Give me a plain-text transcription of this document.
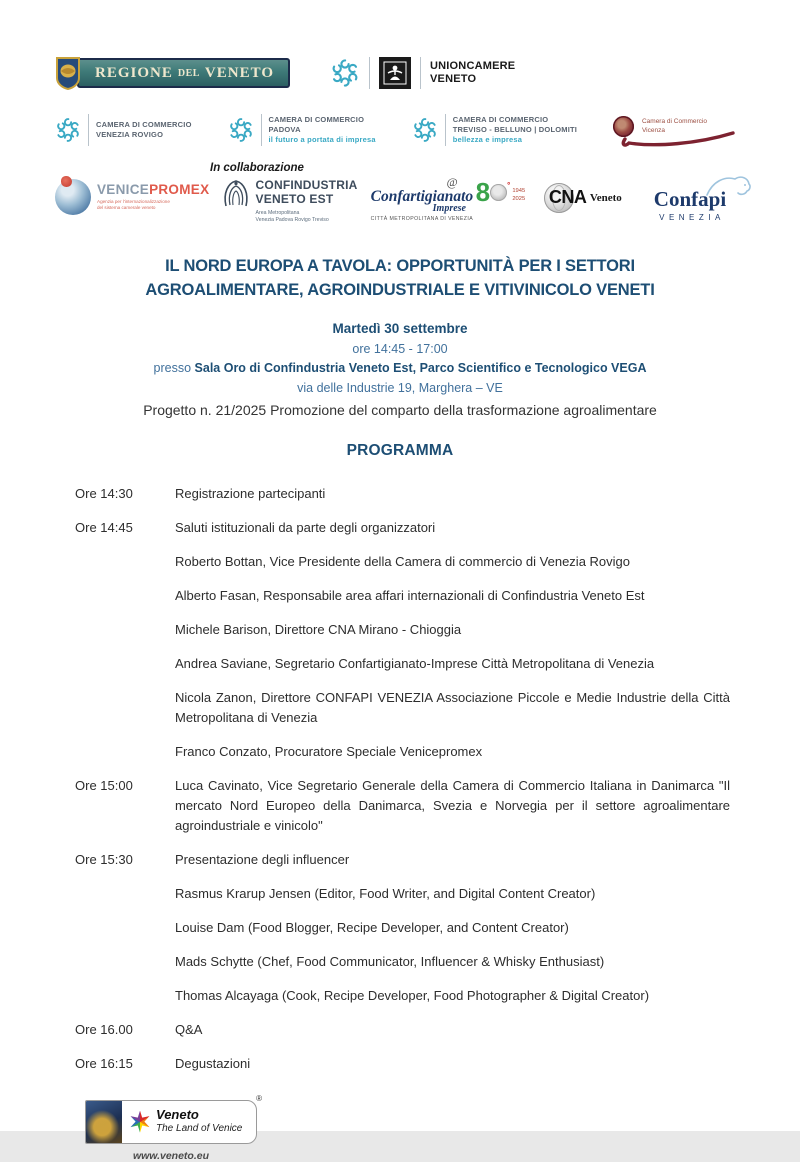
REGIONE DEL VENETO	UNIONCAMERE
VENETO
CAMERA DI COMMERCIO
VENEZIA ROVIGO
CAMERA DI COMMERCIO
PADOVA
il futuro a portata di impresa
CAMERA DI COMMERCIO
TREVISO - BELLUNO | DOLOMITI
bellezza e impresa
Camera di Commercio
Vicenza
In collaborazione
VENICEPROMEX
Agenzia per l'internazionalizzazione
del sistema camerale veneto
CONFINDUSTRIA
VENETO EST
Area Metropolitana
Venezia Padova Rovigo Treviso
@
Confartigianato
Imprese
CITTÀ METROPOLITANA DI VENEZIA
8 °
1945
2025 CNA Veneto	Confapi
VENEZIA
IL NORD EUROPA A TAVOLA: OPPORTUNITÀ PER I SETTORI
AGROALIMENTARE, AGROINDUSTRIALE E VITIVINICOLO VENETI
Martedì 30 settembre
ore 14:45 - 17:00
presso Sala Oro di Confindustria Veneto Est, Parco Scientifico e Tecnologico VEGA
via delle Industrie 19, Marghera – VE
Progetto n. 21/2025 Promozione del comparto della trasformazione agroalimentare
PROGRAMMA
Ore 14:30	Registrazione partecipanti
Ore 14:45	Saluti istituzionali da parte degli organizzatori
Roberto Bottan, Vice Presidente della Camera di commercio di Venezia Rovigo
Alberto Fasan, Responsabile area affari internazionali di Confindustria Veneto Est
Michele Barison, Direttore CNA Mirano - Chioggia
Andrea Saviane, Segretario Confartigianato-Imprese Città Metropolitana di Venezia
Nicola Zanon, Direttore CONFAPI VENEZIA Associazione Piccole e Medie Industrie della Città Metropolitana di Venezia
Franco Conzato, Procuratore Speciale Venicepromex
Ore 15:00	Luca Cavinato, Vice Segretario Generale della Camera di Commercio Italiana in Danimarca "Il mercato Nord Europeo della Danimarca, Svezia e Norvegia per il settore agroalimentare agroindustriale e vinicolo"
Ore 15:30	Presentazione degli influencer
Rasmus Krarup Jensen (Editor, Food Writer, and Digital Content Creator)
Louise Dam (Food Blogger, Recipe Developer, and Content Creator)
Mads Schytte (Chef, Food Communicator, Influencer & Whisky Enthusiast)
Thomas Alcayaga (Cook, Recipe Developer, Food Photographer & Digital Creator)
Ore 16.00	Q&A
Ore 16:15	Degustazioni
Veneto
The Land of Venice
®
www.veneto.eu
